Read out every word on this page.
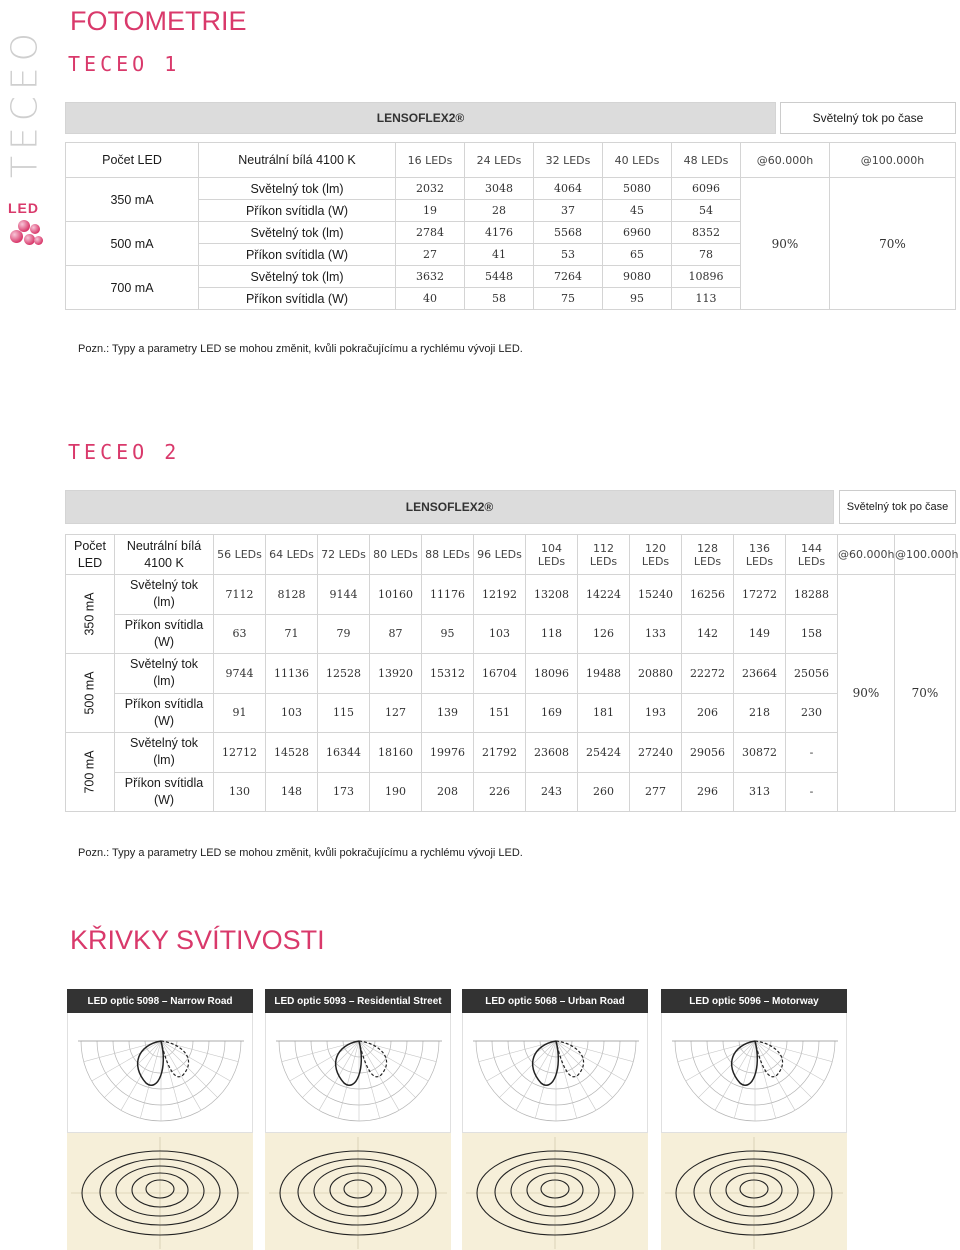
TECEO
LED
FOTOMETRIE
TECEO 1
LENSOFLEX2®		Světelný tok po čase
Počet LED	Neutrální bílá 4100 K	16 LEDs	24 LEDs	32 LEDs	40 LEDs	48 LEDs	@60.000h	@100.000h
350 mA	Světelný tok (lm)	2032	3048	4064	5080	6096	90%	70%
	Příkon svítidla (W)	19	28	37	45	54		
500 mA	Světelný tok (lm)	2784	4176	5568	6960	8352		
	Příkon svítidla (W)	27	41	53	65	78		
700 mA	Světelný tok (lm)	3632	5448	7264	9080	10896		
	Příkon svítidla (W)	40	58	75	95	113		
Pozn.: Typy a parametry LED se mohou změnit, kvůli pokračujícímu a rychlému vývoji LED.
TECEO 2
LENSOFLEX2®		Světelný tok po čase
Počet LED	Neutrální bílá 4100 K	56 LEDs	64 LEDs	72 LEDs	80 LEDs	88 LEDs	96 LEDs	104 LEDs	112 LEDs	120 LEDs	128 LEDs	136 LEDs	144 LEDs	@60.000h	@100.000h
350 mA	Světelný tok (lm)	7112	8128	9144	10160	11176	12192	13208	14224	15240	16256	17272	18288	90%	70%
	Příkon svítidla (W)	63	71	79	87	95	103	118	126	133	142	149	158		
500 mA	Světelný tok (lm)	9744	11136	12528	13920	15312	16704	18096	19488	20880	22272	23664	25056		
	Příkon svítidla (W)	91	103	115	127	139	151	169	181	193	206	218	230		
700 mA	Světelný tok (lm)	12712	14528	16344	18160	19976	21792	23608	25424	27240	29056	30872	-		
	Příkon svítidla (W)	130	148	173	190	208	226	243	260	277	296	313	-		
Pozn.: Typy a parametry LED se mohou změnit, kvůli pokračujícímu a rychlému vývoji LED.
KŘIVKY SVÍTIVOSTI
LED optic 5098 – Narrow Road	LED optic 5093 – Residential Street	LED optic 5068 – Urban Road	LED optic 5096 – Motorway
